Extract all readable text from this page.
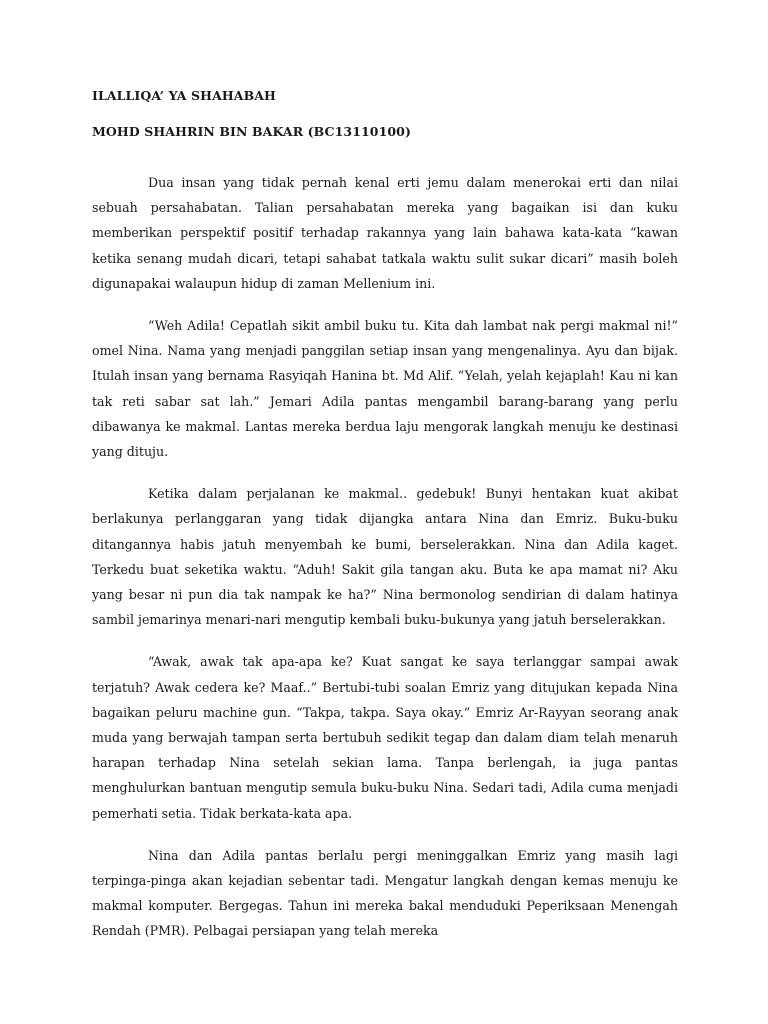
ILALLIQA’ YA SHAHABAH
MOHD SHAHRIN BIN BAKAR (BC13110100)

Dua insan yang tidak pernah kenal erti jemu dalam menerokai erti dan nilai sebuah persahabatan. Talian persahabatan mereka yang bagaikan isi dan kuku memberikan perspektif positif terhadap rakannya yang lain bahawa kata-kata “kawan ketika senang mudah dicari, tetapi sahabat tatkala waktu sulit sukar dicari” masih boleh digunapakai walaupun hidup di zaman Mellenium ini.

“Weh Adila! Cepatlah sikit ambil buku tu. Kita dah lambat nak pergi makmal ni!” omel Nina. Nama yang menjadi panggilan setiap insan yang mengenalinya. Ayu dan bijak. Itulah insan yang bernama Rasyiqah Hanina bt. Md Alif. “Yelah, yelah kejaplah! Kau ni kan tak reti sabar sat lah.” Jemari Adila pantas mengambil barang-barang yang perlu dibawanya ke makmal. Lantas mereka berdua laju mengorak langkah menuju ke destinasi yang dituju.

Ketika dalam perjalanan ke makmal.. gedebuk! Bunyi hentakan kuat akibat berlakunya perlanggaran yang tidak dijangka antara Nina dan Emriz. Buku-buku ditangannya habis jatuh menyembah ke bumi, berselerakkan. Nina dan Adila kaget. Terkedu buat seketika waktu. “Aduh! Sakit gila tangan aku. Buta ke apa mamat ni? Aku yang besar ni pun dia tak nampak ke ha?” Nina bermonolog sendirian di dalam hatinya sambil jemarinya menari-nari mengutip kembali buku-bukunya yang jatuh berselerakkan.

“Awak, awak tak apa-apa ke? Kuat sangat ke saya terlanggar sampai awak terjatuh? Awak cedera ke? Maaf..” Bertubi-tubi soalan Emriz yang ditujukan kepada Nina bagaikan peluru machine gun. “Takpa, takpa. Saya okay.” Emriz Ar-Rayyan seorang anak muda yang berwajah tampan serta bertubuh sedikit tegap dan dalam diam telah menaruh harapan terhadap Nina setelah sekian lama. Tanpa berlengah, ia juga pantas menghulurkan bantuan mengutip semula buku-buku Nina. Sedari tadi, Adila cuma menjadi pemerhati setia. Tidak berkata-kata apa.

Nina dan Adila pantas berlalu pergi meninggalkan Emriz yang masih lagi terpinga-pinga akan kejadian sebentar tadi. Mengatur langkah dengan kemas menuju ke makmal komputer. Bergegas. Tahun ini mereka bakal menduduki Peperiksaan Menengah Rendah (PMR). Pelbagai persiapan yang telah mereka
